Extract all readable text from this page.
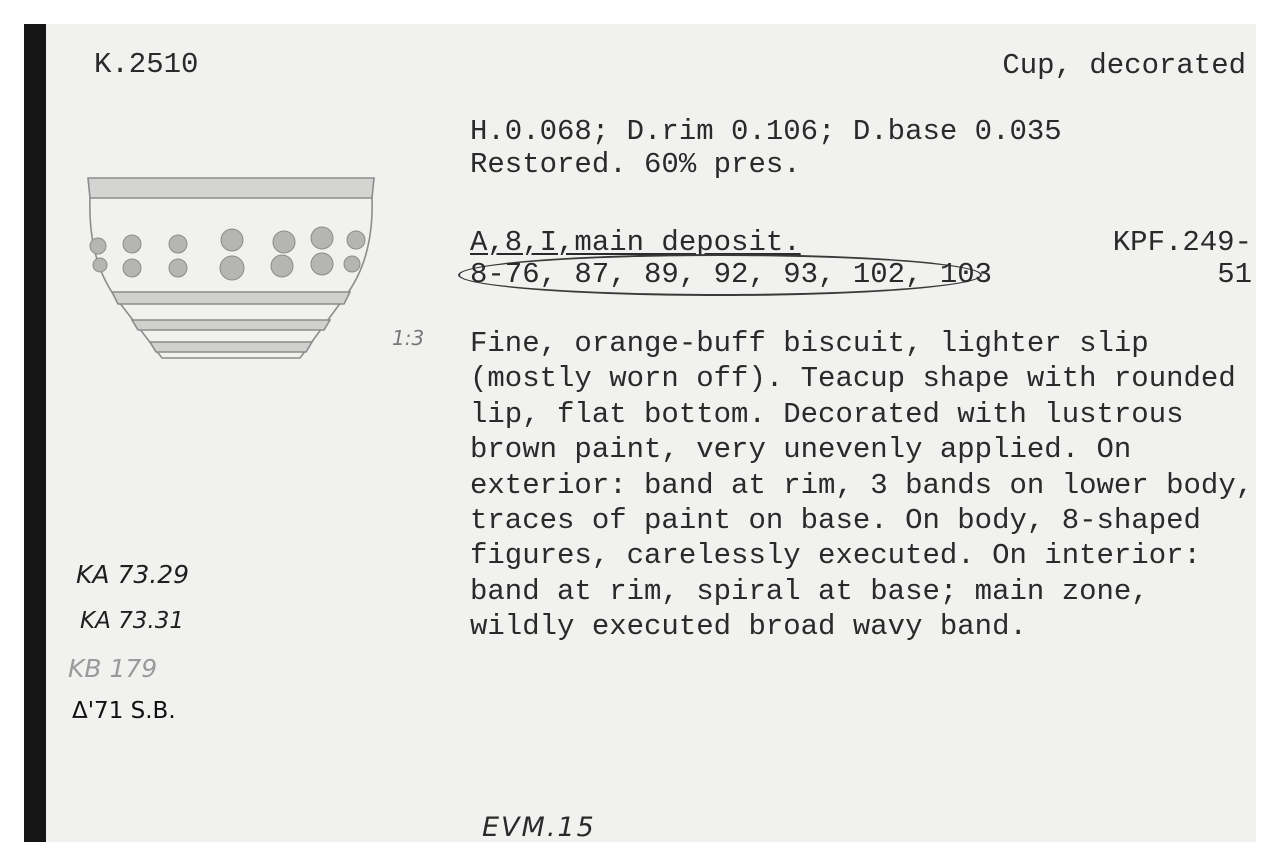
K.2510	Cup, decorated
H.0.068; D.rim 0.106; D.base 0.035
Restored. 60% pres.
A,8,I,main deposit.	KPF.249-
51
8-76, 87, 89, 92, 93, 102, 103
1:3 Fine, orange-buff biscuit, lighter slip (mostly worn off). Teacup shape with rounded lip, flat bottom. Decorated with lustrous brown paint, very unevenly applied. On exterior: band at rim, 3 bands on lower body, traces of paint on base. On body, 8-shaped figures, carelessly executed. On interior: band at rim, spiral at base; main zone, wildly executed broad wavy band.
KA 73.29
KA 73.31
KB 179
Δ'71 S.B.
EVM.15
